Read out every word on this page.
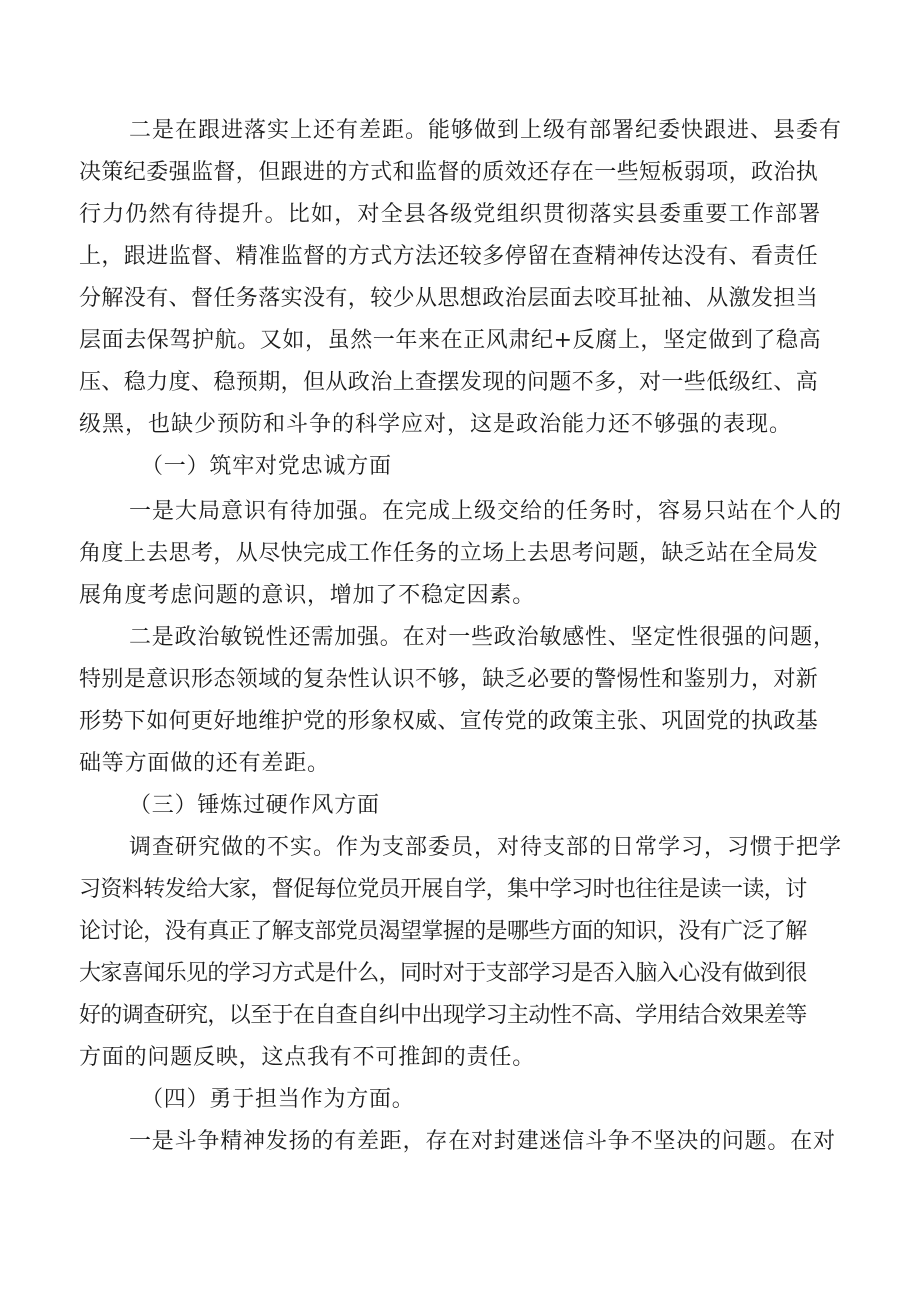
二是在跟进落实上还有差距。能够做到上级有部署纪委快跟进、县委有

决策纪委强监督，但跟进的方式和监督的质效还存在一些短板弱项，政治执

行力仍然有待提升。比如，对全县各级党组织贯彻落实县委重要工作部署

上，跟进监督、精准监督的方式方法还较多停留在查精神传达没有、看责任

分解没有、督任务落实没有，较少从思想政治层面去咬耳扯袖、从激发担当

层面去保驾护航。又如，虽然一年来在正风肃纪+反腐上，坚定做到了稳高

压、稳力度、稳预期，但从政治上查摆发现的问题不多，对一些低级红、高

级黑，也缺少预防和斗争的科学应对，这是政治能力还不够强的表现。

（一）筑牢对党忠诚方面

一是大局意识有待加强。在完成上级交给的任务时，容易只站在个人的

角度上去思考，从尽快完成工作任务的立场上去思考问题，缺乏站在全局发

展角度考虑问题的意识，增加了不稳定因素。

二是政治敏锐性还需加强。在对一些政治敏感性、坚定性很强的问题，

特别是意识形态领域的复杂性认识不够，缺乏必要的警惕性和鉴别力，对新

形势下如何更好地维护党的形象权威、宣传党的政策主张、巩固党的执政基

础等方面做的还有差距。

（三）锤炼过硬作风方面

调查研究做的不实。作为支部委员，对待支部的日常学习，习惯于把学

习资料转发给大家，督促每位党员开展自学，集中学习时也往往是读一读，讨

论讨论，没有真正了解支部党员渴望掌握的是哪些方面的知识，没有广泛了解

大家喜闻乐见的学习方式是什么，同时对于支部学习是否入脑入心没有做到很

好的调查研究，以至于在自查自纠中出现学习主动性不高、学用结合效果差等

方面的问题反映，这点我有不可推卸的责任。

（四）勇于担当作为方面。

一是斗争精神发扬的有差距，存在对封建迷信斗争不坚决的问题。在对
